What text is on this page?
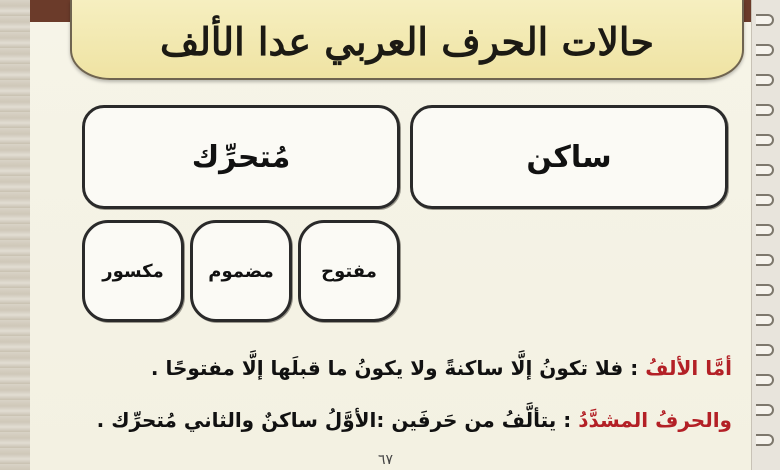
حالات الحرف العربي عدا الألف
ساكن
مُتحرِّك
مفتوح
مضموم
مكسور
أمَّا الألفُ : فلا تكونُ إلَّا ساكنةً ولا يكونُ ما قبلَها إلَّا مفتوحًا .
والحرفُ المشدَّدُ : يتألَّفُ من حَرفَين :الأوَّلُ ساكنٌ والثاني مُتحرِّك .
٦٧
